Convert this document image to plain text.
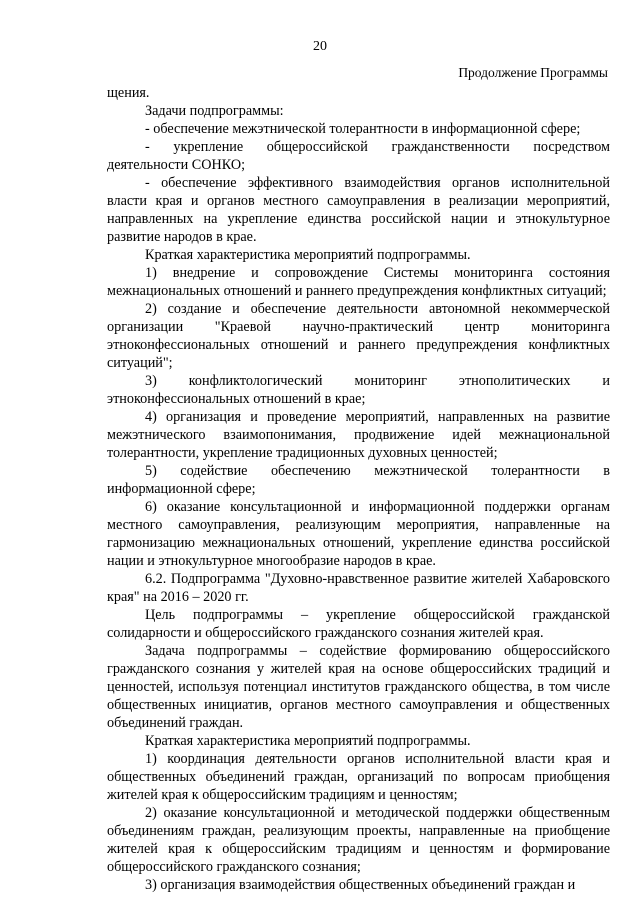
20
Продолжение Программы

щения.

Задачи подпрограммы:

- обеспечение межэтнической толерантности в информационной сфере;

- укрепление общероссийской гражданственности посредством деятельности СОНКО;

- обеспечение эффективного взаимодействия органов исполнительной власти края и органов местного самоуправления в реализации мероприятий, направленных на укрепление единства российской нации и этнокультурное развитие народов в крае.

Краткая характеристика мероприятий подпрограммы.

1) внедрение и сопровождение Системы мониторинга состояния межнациональных отношений и раннего предупреждения конфликтных ситуаций;

2) создание и обеспечение деятельности автономной некоммерческой организации "Краевой научно-практический центр мониторинга этноконфессиональных отношений и раннего предупреждения конфликтных ситуаций";

3) конфликтологический мониторинг этнополитических и этноконфессиональных отношений в крае;

4) организация и проведение мероприятий, направленных на развитие межэтнического взаимопонимания, продвижение идей межнациональной толерантности, укрепление традиционных духовных ценностей;

5) содействие обеспечению межэтнической толерантности в информационной сфере;

6) оказание консультационной и информационной поддержки органам местного самоуправления, реализующим мероприятия, направленные на гармонизацию межнациональных отношений, укрепление единства российской нации и этнокультурное многообразие народов в крае.

6.2. Подпрограмма "Духовно-нравственное развитие жителей Хабаровского края" на 2016 – 2020 гг.

Цель подпрограммы – укрепление общероссийской гражданской солидарности и общероссийского гражданского сознания жителей края.

Задача подпрограммы – содействие формированию общероссийского гражданского сознания у жителей края на основе общероссийских традиций и ценностей, используя потенциал институтов гражданского общества, в том числе общественных инициатив, органов местного самоуправления и общественных объединений граждан.

Краткая характеристика мероприятий подпрограммы.

1) координация деятельности органов исполнительной власти края и общественных объединений граждан, организаций по вопросам приобщения жителей края к общероссийским традициям и ценностям;

2) оказание консультационной и методической поддержки общественным объединениям граждан, реализующим проекты, направленные на приобщение жителей края к общероссийским традициям и ценностям и формирование общероссийского гражданского сознания;

3) организация взаимодействия общественных объединений граждан и
